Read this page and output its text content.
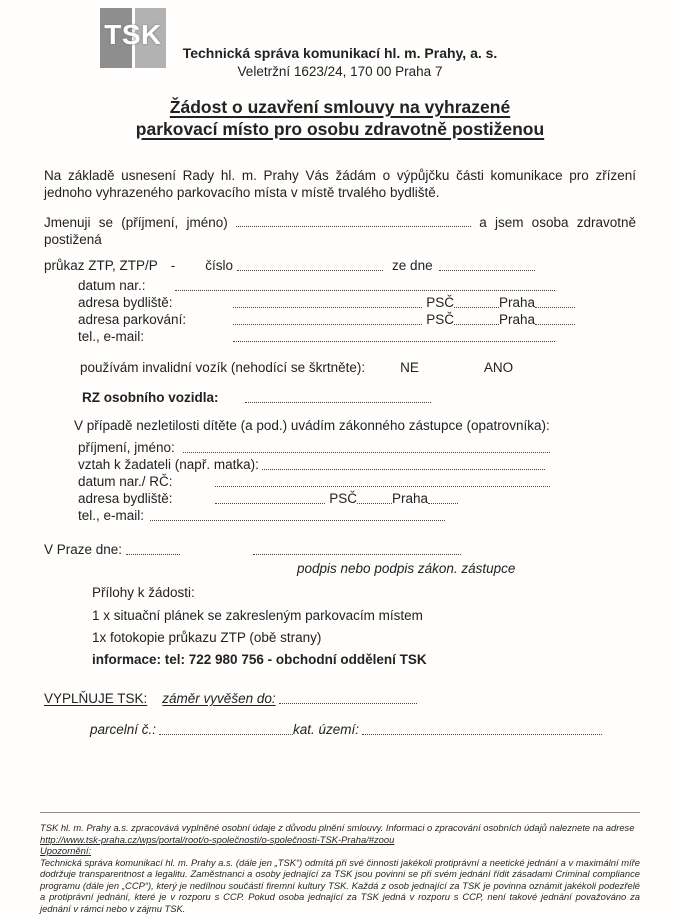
TSK
Technická správa komunikací hl. m. Prahy, a. s.
Veletržní 1623/24, 170 00 Praha 7
Žádost o uzavření smlouvy na vyhrazené
parkovací místo pro osobu zdravotně postiženou
Na základě usnesení Rady hl. m. Prahy Vás žádám o výpůjčku části komunikace pro zřízení jednoho vyhrazeného parkovacího místa v místě trvalého bydliště.
Jmenuji se (příjmení, jméno)	a jsem osoba zdravotně postižená
průkaz ZTP, ZTP/P - číslo	ze dne
datum nar.:
adresa bydliště:	PSČ	Praha
adresa parkování:	PSČ	Praha
tel., e-mail:
používám invalidní vozík (nehodící se škrtněte):	NE	ANO
RZ osobního vozidla:
V případě nezletilosti dítěte (a pod.) uvádím zákonného zástupce (opatrovníka):
příjmení, jméno:
vztah k žadateli (např. matka):
datum nar./ RČ:
adresa bydliště:	PSČ	Praha
tel., e-mail:
V Praze dne:
podpis nebo podpis zákon. zástupce
Přílohy k žádosti:
1 x situační plánek se zakresleným parkovacím místem
1x fotokopie průkazu ZTP (obě strany)
informace: tel: 722 980 756 - obchodní oddělení TSK
VYPLŇUJE TSK: záměr vyvěšen do:
parcelní č.:	kat. území:
TSK hl. m. Prahy a.s. zpracovává vyplněné osobní údaje z důvodu plnění smlouvy. Informaci o zpracování osobních údajů naleznete na adrese
http://www.tsk-praha.cz/wps/portal/root/o-společnosti/o-společnosti-TSK-Praha/#zoou
Upozornění:
Technická správa komunikací hl. m. Prahy a.s. (dále jen „TSK“) odmítá při své činnosti jakékoli protiprávní a neetické jednání a v maximální míře dodržuje transparentnost a legalitu. Zaměstnanci a osoby jednající za TSK jsou povinni se při svém jednání řídit zásadami Criminal compliance programu (dále jen „CCP“), který je nedílnou součástí firemní kultury TSK. Každá z osob jednající za TSK je povinna oznámit jakékoli podezřelé a protiprávní jednání, které je v rozporu s CCP. Pokud osoba jednající za TSK jedná v rozporu s CCP, není takové jednání považováno za jednání v rámci nebo v zájmu TSK.
